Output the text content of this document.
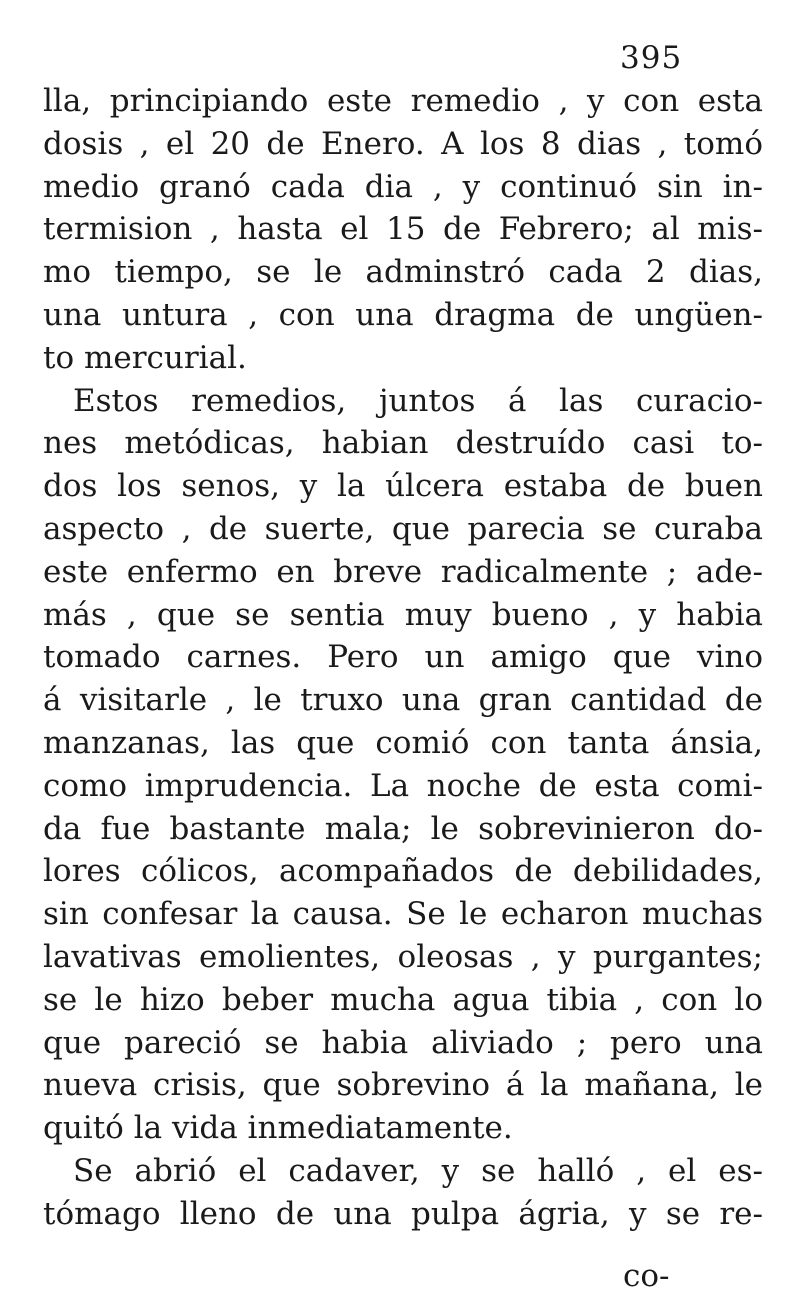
395
lla, principiando este remedio , y con esta
dosis , el 20 de Enero. A los 8 dias , tomó
medio granó cada dia , y continuó sin in-
termision , hasta el 15 de Febrero; al mis-
mo tiempo, se le adminstró cada 2 dias,
una untura , con una dragma de ungüen-
to mercurial.
Estos remedios, juntos á las curacio-
nes metódicas, habian destruído casi to-
dos los senos, y la úlcera estaba de buen
aspecto , de suerte, que parecia se curaba
este enfermo en breve radicalmente ; ade-
más , que se sentia muy bueno , y habia
tomado carnes. Pero un amigo que vino
á visitarle , le truxo una gran cantidad de
manzanas, las que comió con tanta ánsia,
como imprudencia. La noche de esta comi-
da fue bastante mala; le sobrevinieron do-
lores cólicos, acompañados de debilidades,
sin confesar la causa. Se le echaron muchas
lavativas emolientes, oleosas , y purgantes;
se le hizo beber mucha agua tibia , con lo
que pareció se habia aliviado ; pero una
nueva crisis, que sobrevino á la mañana, le
quitó la vida inmediatamente.
Se abrió el cadaver, y se halló , el es-
tómago lleno de una pulpa ágria, y se re-
co-
